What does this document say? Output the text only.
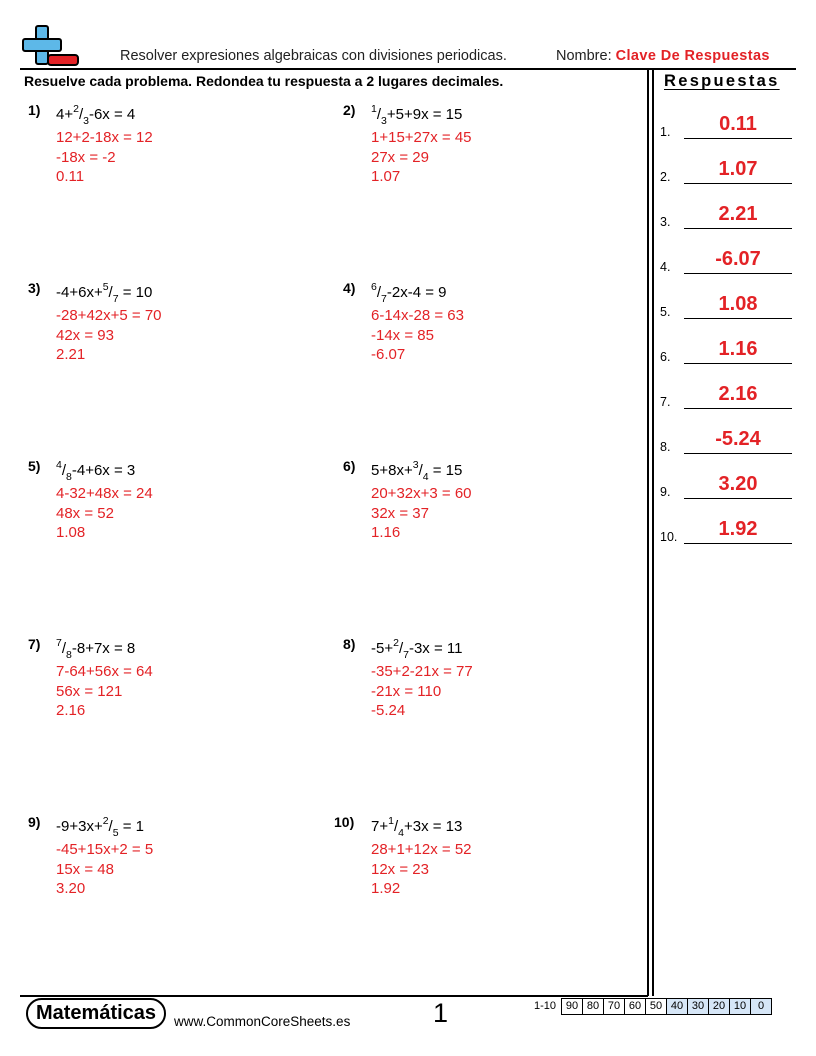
Resolver expresiones algebraicas con divisiones periodicas.	Nombre: Clave De Respuestas
Resuelve cada problema. Redondea tu respuesta a 2 lugares decimales.
1) $4+^2/_3-6x = 4$
12+2-18x = 12
-18x = -2
0.11
2) $^1/_3+5+9x = 15$
1+15+27x = 45
27x = 29
1.07
3) $-4+6x+^5/_7 = 10$
-28+42x+5 = 70
42x = 93
2.21
4) $^6/_7-2x-4 = 9$
6-14x-28 = 63
-14x = 85
-6.07
5) $^4/_8-4+6x = 3$
4-32+48x = 24
48x = 52
1.08
6) $5+8x+^3/_4 = 15$
20+32x+3 = 60
32x = 37
1.16
7) $^7/_8-8+7x = 8$
7-64+56x = 64
56x = 121
2.16
8) $-5+^2/_7-3x = 11$
-35+2-21x = 77
-21x = 110
-5.24
9) $-9+3x+^2/_5 = 1$
-45+15x+2 = 5
15x = 48
3.20
10) $7+^1/_4+3x = 13$
28+1+12x = 52
12x = 23
1.92
Respuestas
1.	0.11
2.	1.07
3.	2.21
4.	-6.07
5.	1.08
6.	1.16
7.	2.16
8.	-5.24
9.	3.20
10.	1.92
Matemáticas	www.CommonCoreSheets.es	1	1-10 90 80 70 60 50 40 30 20 10	0
